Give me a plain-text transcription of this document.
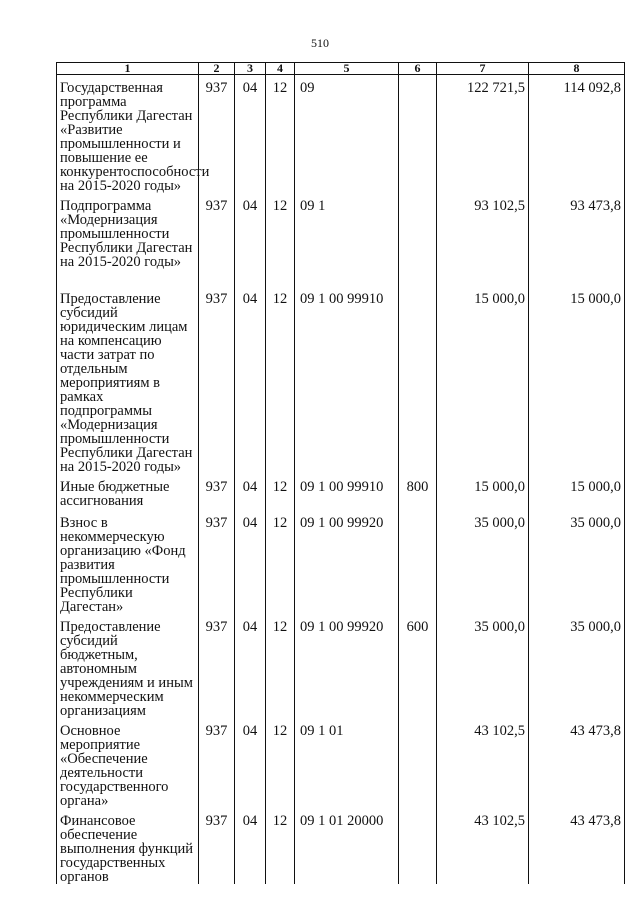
510
1	2	3	4	5	6	7	8
Государственная программа Республики Дагестан «Развитие промышленности и повышение ее конкурентоспособности на 2015-2020 годы»	937	04	12	09		122 721,5	114 092,8
Подпрограмма «Модернизация промышленности Республики Дагестан на 2015-2020 годы»	937	04	12	09 1		93 102,5	93 473,8
Предоставление субсидий юридическим лицам на компенсацию части затрат по отдельным мероприятиям в рамках подпрограммы «Модернизация промышленности Республики Дагестан на 2015-2020 годы»	937	04	12	09 1 00 99910		15 000,0	15 000,0
Иные бюджетные ассигнования	937	04	12	09 1 00 99910	800	15 000,0	15 000,0
Взнос в некоммерческую организацию «Фонд развития промышленности Республики Дагестан»	937	04	12	09 1 00 99920		35 000,0	35 000,0
Предоставление субсидий бюджетным, автономным учреждениям и иным некоммерческим организациям	937	04	12	09 1 00 99920	600	35 000,0	35 000,0
Основное мероприятие «Обеспечение деятельности государственного органа»	937	04	12	09 1 01		43 102,5	43 473,8
Финансовое обеспечение выполнения функций государственных органов	937	04	12	09 1 01 20000		43 102,5	43 473,8
